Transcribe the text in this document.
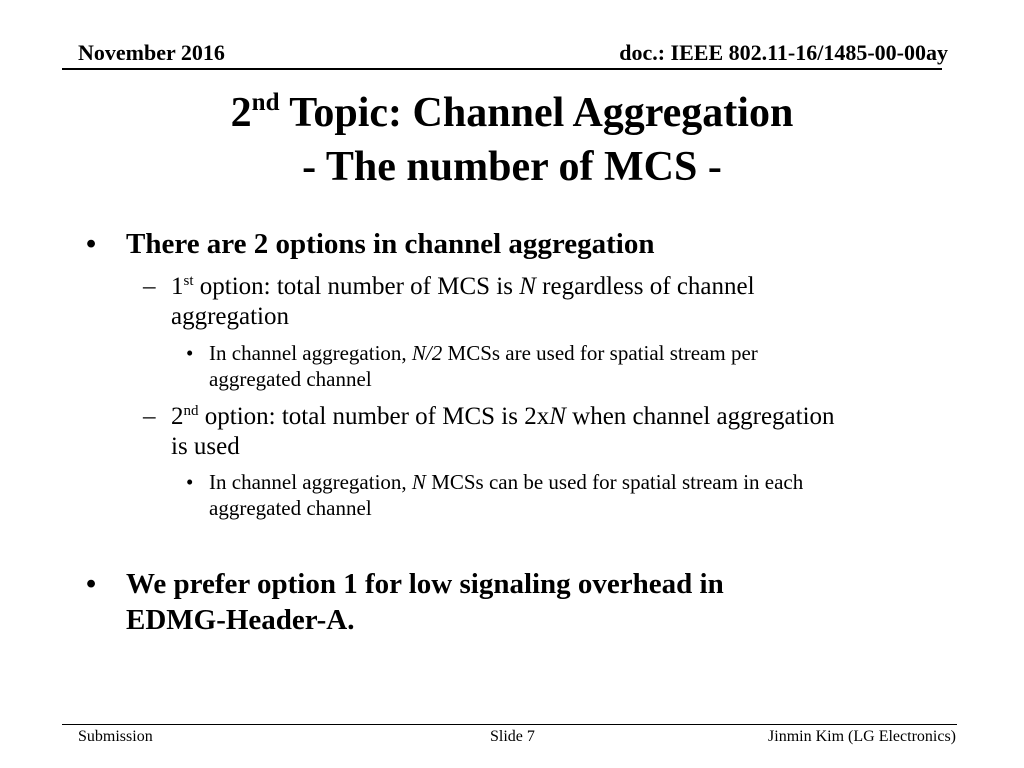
November 2016	doc.: IEEE 802.11-16/1485-00-00ay
2nd Topic: Channel Aggregation
- The number of MCS -
• There are 2 options in channel aggregation
– 1st option: total number of MCS is N regardless of channel
aggregation
• In channel aggregation, N/2 MCSs are used for spatial stream per
aggregated channel
– 2nd option: total number of MCS is 2xN when channel aggregation
is used
• In channel aggregation, N MCSs can be used for spatial stream in each
aggregated channel
• We prefer option 1 for low signaling overhead in
EDMG-Header-A.
Submission	Slide 7	Jinmin Kim (LG Electronics)
